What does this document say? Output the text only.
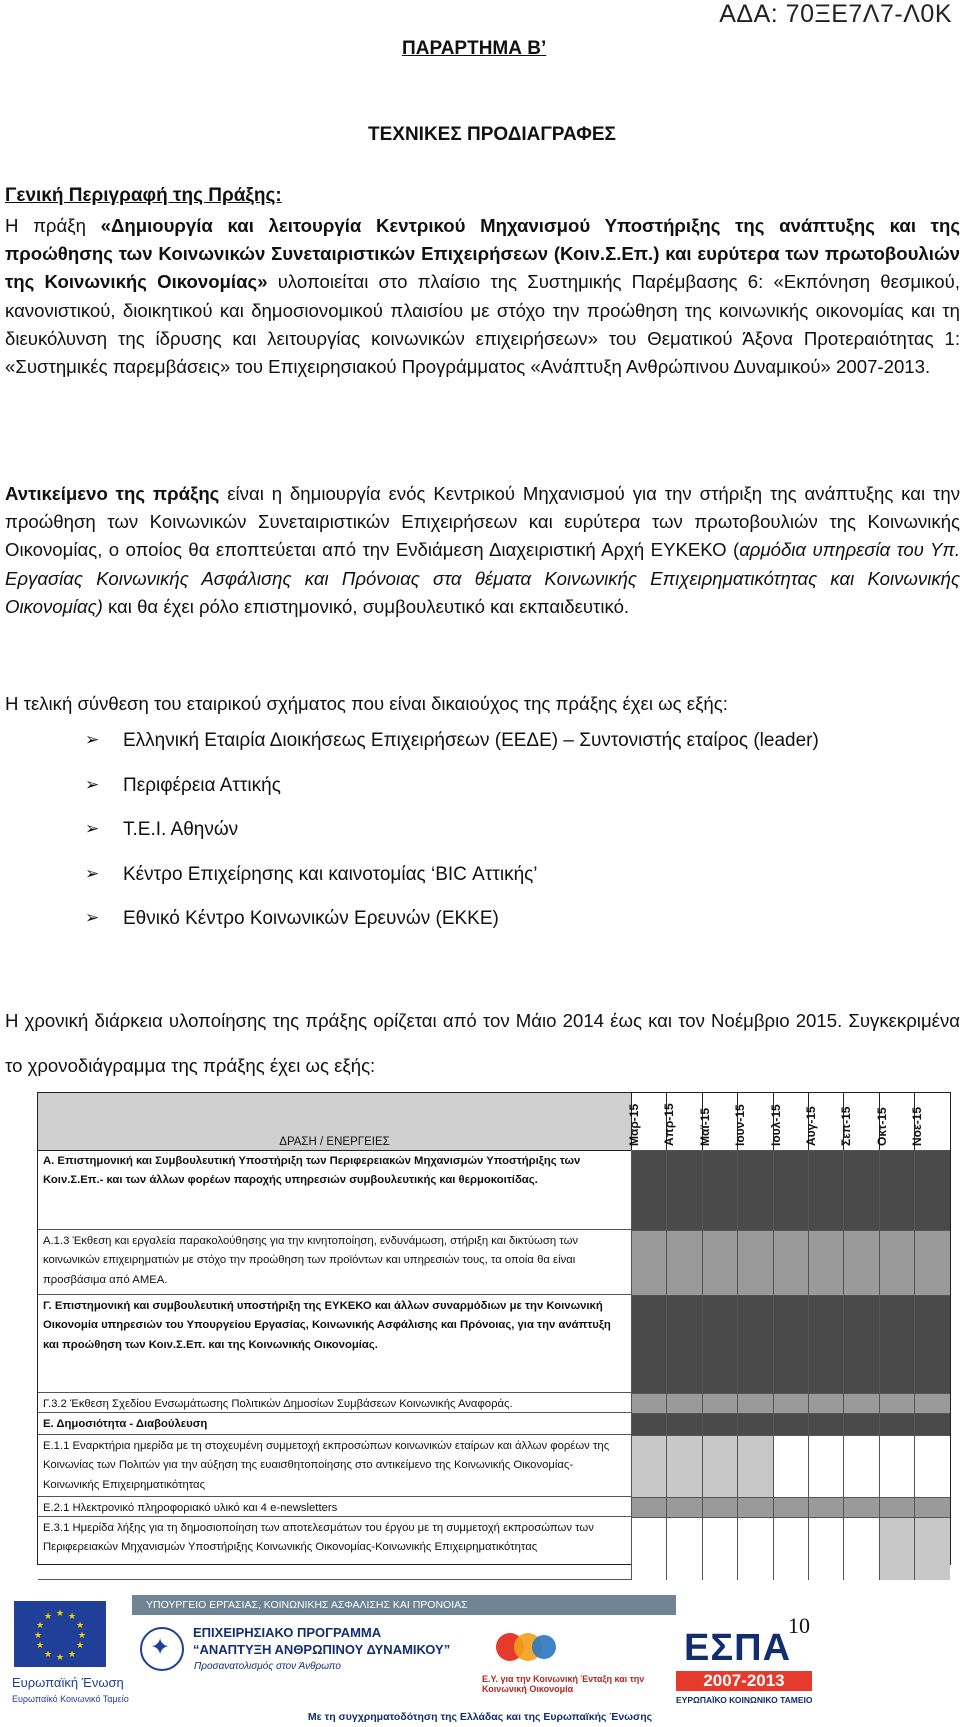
ΑΔΑ: 70ΞΕ7Λ7-Λ0Κ
ΠΑΡΑΡΤΗΜΑ Β’
ΤΕΧΝΙΚΕΣ ΠΡΟΔΙΑΓΡΑΦΕΣ
Γενική Περιγραφή της Πράξης:
Η πράξη «Δημιουργία και λειτουργία Κεντρικού Μηχανισμού Υποστήριξης της ανάπτυξης και της προώθησης των Κοινωνικών Συνεταιριστικών Επιχειρήσεων (Κοιν.Σ.Επ.) και ευρύτερα των πρωτοβουλιών της Κοινωνικής Οικονομίας» υλοποιείται στο πλαίσιο της Συστημικής Παρέμβασης 6: «Εκπόνηση θεσμικού, κανονιστικού, διοικητικού και δημοσιονομικού πλαισίου με στόχο την προώθηση της κοινωνικής οικονομίας και τη διευκόλυνση της ίδρυσης και λειτουργίας κοινωνικών επιχειρήσεων» του Θεματικού Άξονα Προτεραιότητας 1: «Συστημικές παρεμβάσεις» του Επιχειρησιακού Προγράμματος «Ανάπτυξη Ανθρώπινου Δυναμικού» 2007-2013.
Αντικείμενο της πράξης είναι η δημιουργία ενός Κεντρικού Μηχανισμού για την στήριξη της ανάπτυξης και την προώθηση των Κοινωνικών Συνεταιριστικών Επιχειρήσεων και ευρύτερα των πρωτοβουλιών της Κοινωνικής Οικονομίας, ο οποίος θα εποπτεύεται από την Ενδιάμεση Διαχειριστική Αρχή ΕΥΚΕΚΟ (αρμόδια υπηρεσία του Υπ. Εργασίας Κοινωνικής Ασφάλισης και Πρόνοιας στα θέματα Κοινωνικής Επιχειρηματικότητας και Κοινωνικής Οικονομίας) και θα έχει ρόλο επιστημονικό, συμβουλευτικό και εκπαιδευτικό.
Η τελική σύνθεση του εταιρικού σχήματος που είναι δικαιούχος της πράξης έχει ως εξής:
➢	Ελληνική Εταιρία Διοικήσεως Επιχειρήσεων (ΕΕΔΕ) – Συντονιστής εταίρος (leader)
➢	Περιφέρεια Αττικής
➢	Τ.Ε.Ι. Αθηνών
➢	Κέντρο Επιχείρησης και καινοτομίας ‘BIC Αττικής’
➢	Εθνικό Κέντρο Κοινωνικών Ερευνών (ΕΚΚΕ)
Η χρονική διάρκεια υλοποίησης της πράξης ορίζεται από τον Μάιο 2014 έως και τον Νοέμβριο 2015. Συγκεκριμένα το χρονοδιάγραμμα της πράξης έχει ως εξής:
ΔΡΑΣΗ / ΕΝΕΡΓΕΙΕΣ	Μαρ-15 Απρ-15 Μαϊ-15 Ιουν-15 Ιουλ-15 Αυγ-15 Σεπ-15 Οκτ-15 Νοε-15
Α. Επιστημονική και Συμβουλευτική Υποστήριξη των Περιφερειακών Μηχανισμών Υποστήριξης των Κοιν.Σ.Επ.- και των άλλων φορέων παροχής υπηρεσιών συμβουλευτικής και θερμοκοιτίδας.
Α.1.3 Έκθεση και εργαλεία παρακολούθησης για την κινητοποίηση, ενδυνάμωση, στήριξη και δικτύωση των κοινωνικών επιχειρηματιών με στόχο την προώθηση των προϊόντων και υπηρεσιών τους, τα οποία θα είναι προσβάσιμα από ΑΜΕΑ.
Γ. Επιστημονική και συμβουλευτική υποστήριξη της ΕΥΚΕΚΟ και άλλων συναρμόδιων με την Κοινωνική Οικονομία υπηρεσιών του Υπουργείου Εργασίας, Κοινωνικής Ασφάλισης και Πρόνοιας, για την ανάπτυξη και προώθηση των Κοιν.Σ.Επ. και της Κοινωνικής Οικονομίας.
Γ.3.2 Έκθεση Σχεδίου Ενσωμάτωσης Πολιτικών Δημοσίων Συμβάσεων Κοινωνικής Αναφοράς.
Ε. Δημοσιότητα - Διαβούλευση
Ε.1.1 Εναρκτήρια ημερίδα με τη στοχευμένη συμμετοχή εκπροσώπων κοινωνικών εταίρων και άλλων φορέων της Κοινωνίας των Πολιτών για την αύξηση της ευαισθητοποίησης στο αντικείμενο της Κοινωνικής Οικονομίας-Κοινωνικής Επιχειρηματικότητας
Ε.2.1 Ηλεκτρονικό πληροφοριακό υλικό και 4 e-newsletters
Ε.3.1 Ημερίδα λήξης για τη δημοσιοποίηση των αποτελεσμάτων του έργου με τη συμμετοχή εκπροσώπων των Περιφερειακών Μηχανισμών Υποστήριξης Κοινωνικής Οικονομίας-Κοινωνικής Επιχειρηματικότητας
★ ★
★
★
★
★
★
★
★
★
★
★
Ευρωπαϊκή Ένωση
Ευρωπαϊκό Κοινωνικό Ταμείο
ΥΠΟΥΡΓΕΙΟ ΕΡΓΑΣΙΑΣ, ΚΟΙΝΩΝΙΚΗΣ ΑΣΦΑΛΙΣΗΣ ΚΑΙ ΠΡΟΝΟΙΑΣ
✦
ΕΠΙΧΕΙΡΗΣΙΑΚΟ ΠΡΟΓΡΑΜΜΑ
“ΑΝΑΠΤΥΞΗ ΑΝΘΡΩΠΙΝΟΥ ΔΥΝΑΜΙΚΟΥ”
Προσανατολισμός στον Άνθρωπο
Ε.Υ. για την Κοινωνική Ένταξη και την Κοινωνική Οικονομία
10
ΕΣΠΑ
2007-2013
ΕΥΡΩΠΑΪΚΟ ΚΟΙΝΩΝΙΚΟ ΤΑΜΕΙΟ
Με τη συγχρηματοδότηση της Ελλάδας και της Ευρωπαϊκής Ένωσης
